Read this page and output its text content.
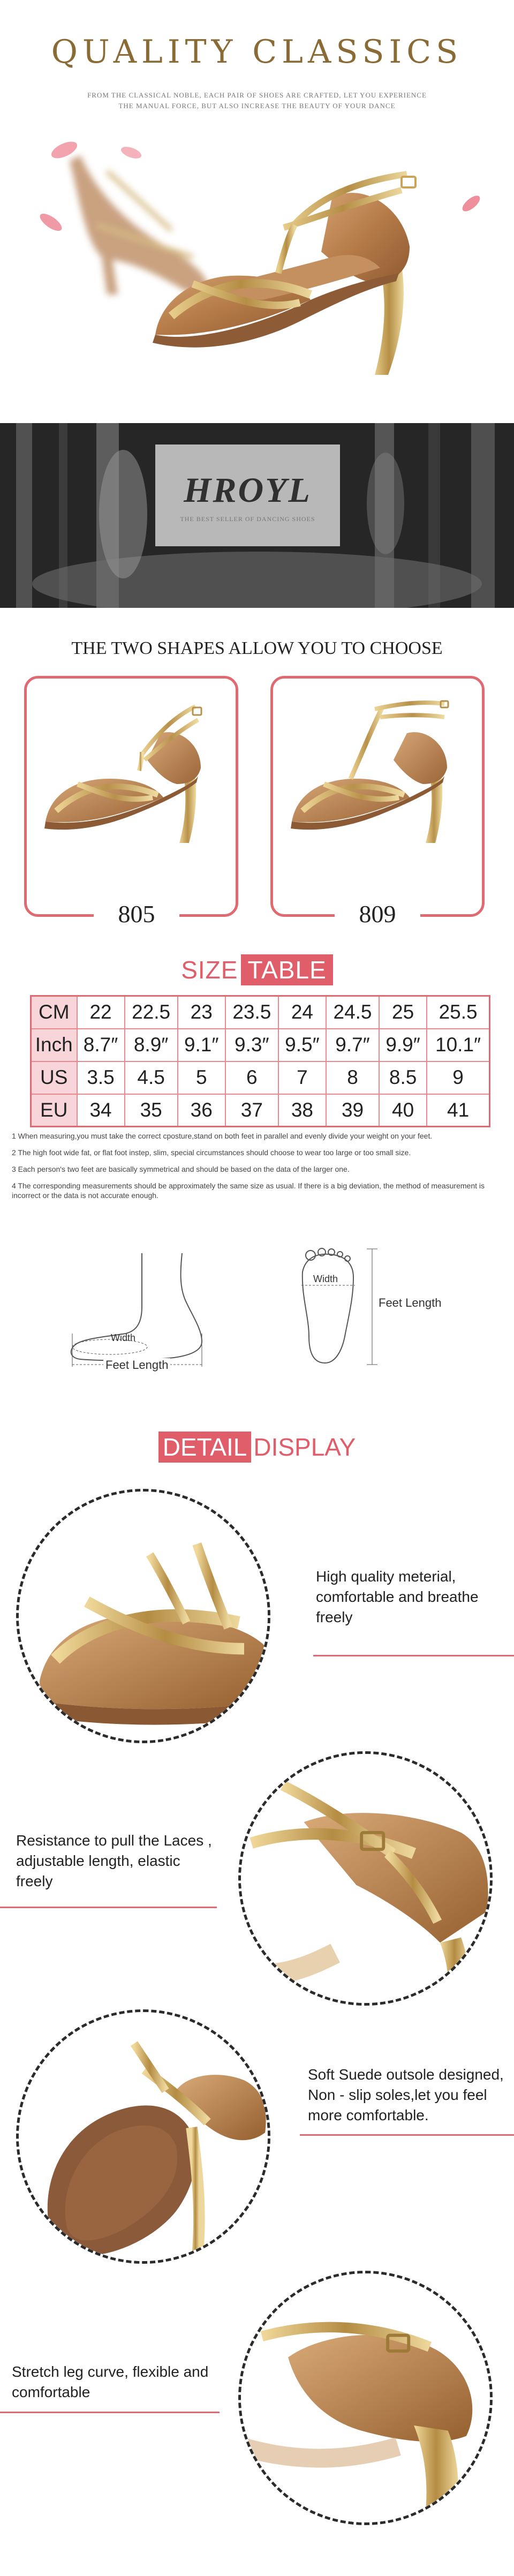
QUALITY CLASSICS
FROM THE CLASSICAL NOBLE, EACH PAIR OF SHOES ARE CRAFTED, LET YOU EXPERIENCE
THE MANUAL FORCE, BUT ALSO INCREASE THE BEAUTY OF YOUR DANCE
HROYL
THE BEST SELLER OF DANCING SHOES
THE TWO SHAPES ALLOW YOU TO CHOOSE
805	809
SIZE TABLE
CM	22	22.5	23	23.5	24	24.5	25	25.5
Inch	8.7″	8.9″	9.1″	9.3″	9.5″	9.7″	9.9″	10.1″
US	3.5	4.5	5	6	7	8	8.5	9
EU	34	35	36	37	38	39	40	41

1 When measuring,you must take the correct cposture,stand on both feet in parallel and evenly divide your weight on your feet.

2 The high foot wide fat, or flat foot instep, slim, special circumstances should choose to wear too large or too small size.

3 Each person's two feet are basically symmetrical and should be based on the data of the larger one.

4 The corresponding measurements should be approximately the same size as usual. If there is a big deviation, the method of measurement is incorrect or the data is not accurate enough.

Width
Feet Length
Width
Feet Length
DETAIL DISPLAY
High quality meterial, comfortable and breathe freely
Resistance to pull the Laces , adjustable length, elastic freely
Soft Suede outsole designed, Non - slip soles,let you feel more comfortable.
Stretch leg curve, flexible and comfortable
